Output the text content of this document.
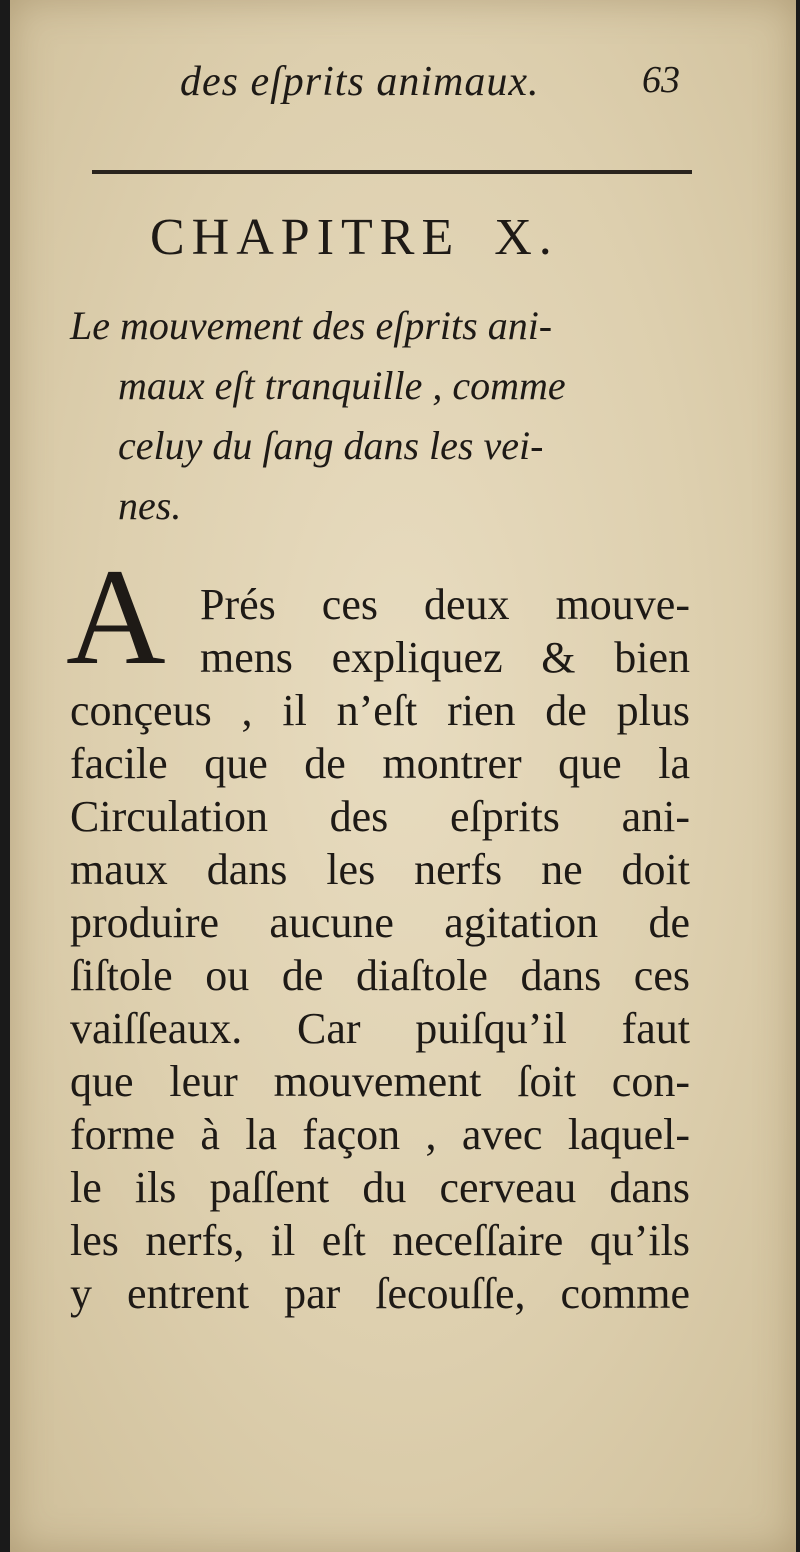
des eſprits animaux.	63
CHAPITRE X.
Le mouvement des eſprits ani-
maux eſt tranquille , comme
celuy du ſang dans les vei-
nes.
A Prés ces deux mouve-
mens expliquez & bien
conçeus , il n’eſt rien de plus
facile que de montrer que la
Circulation des eſprits ani-
maux dans les nerfs ne doit
produire aucune agitation de
ſiſtole ou de diaſtole dans ces
vaiſſeaux. Car puiſqu’il faut
que leur mouvement ſoit con-
forme à la façon , avec laquel-
le ils paſſent du cerveau dans
les nerfs, il eſt neceſſaire qu’ils
y entrent par ſecouſſe, comme
